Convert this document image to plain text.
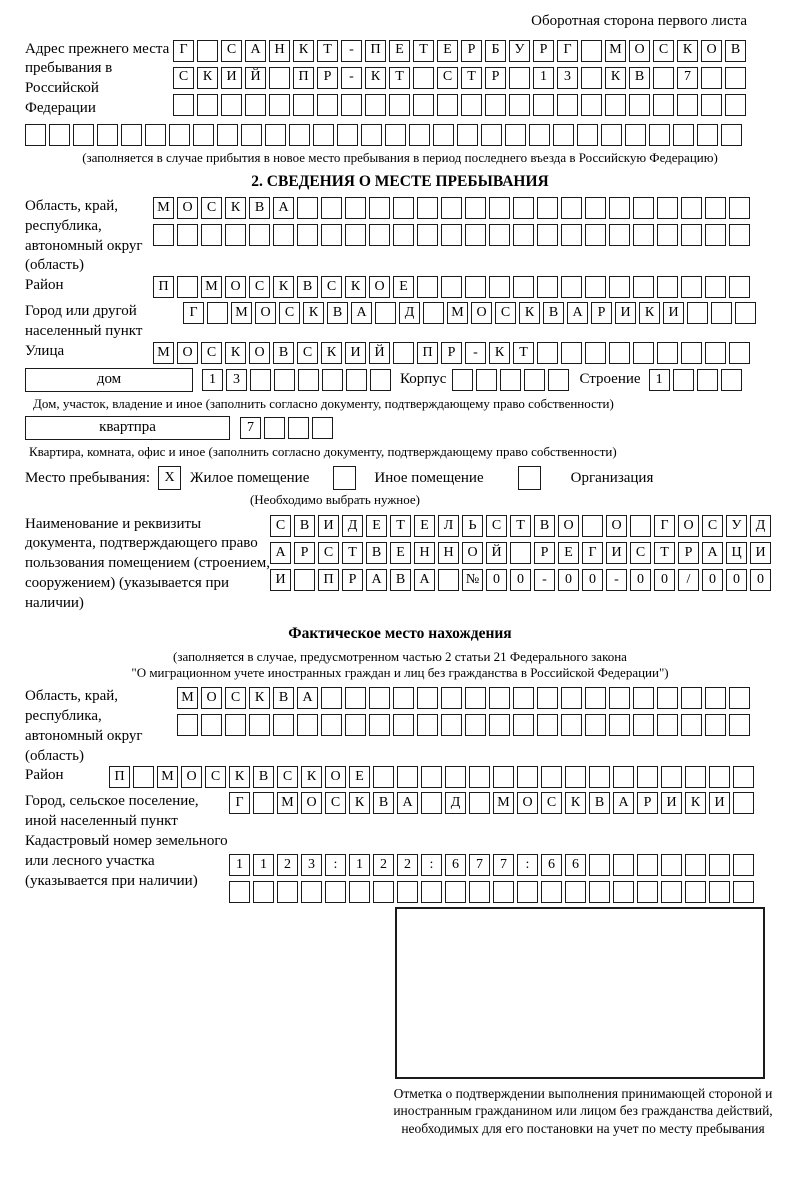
Оборотная сторона первого листа
Адрес прежнего места пребывания в Российской Федерации
Г	С	А Н	К	Т	-	П	Е	Т	Е	Р	Б	У	Р	Г	М О	С	К	О	В
С	К	И Й	П	Р	-	К	Т	С	Т	Р	1	3	К	В	7
(заполняется в случае прибытия в новое место пребывания в период последнего въезда в Российскую Федерацию)
2. СВЕДЕНИЯ О МЕСТЕ ПРЕБЫВАНИЯ
Область, край, республика, автономный округ (область)
М О	С	К	В	А
Район	П	М О	С	К	В	С	К	О	Е
Город или другой населенный пункт
Г	М О	С	К	В	А	Д	М О	С	К	В	А	Р	И	К	И
Улица	М О	С	К	О	В	С	К	И Й	П	Р	-	К	Т
дом	1	3	Корпус	Строение	1
Дом, участок, владение и иное (заполнить согласно документу, подтверждающему право собственности)
квартпра	7
Квартира, комната, офис и иное (заполнить согласно документу, подтверждающему право собственности)
Место пребывания:	X	Жилое помещение	Иное помещение	Организация
(Необходимо выбрать нужное)
Наименование и реквизиты документа, подтверждающего право пользования помещением (строением, сооружением) (указывается при наличии)
С	В	И	Д	Е	Т	Е	Л	Ь	С	Т	В	О	О	Г	О	С	У	Д
А	Р	С	Т	В	Е	Н Н О Й	Р	Е	Г	И	С	Т	Р	А Ц И
И	П	Р	А	В	А	№ 0	0	-	0	0	-	0	0	/	0	0	0
Фактическое место нахождения
(заполняется в случае, предусмотренном частью 2 статьи 21 Федерального закона
"О миграционном учете иностранных граждан и лиц без гражданства в Российской Федерации")
Область, край, республика, автономный округ (область)
М О	С	К	В	А
Район	П	М О	С	К	В	С	К	О	Е
Город, сельское поселение, иной населенный пункт
Г	М О	С	К	В	А	Д	М О	С	К	В	А	Р	И	К	И
Кадастровый номер земельного или лесного участка (указывается при наличии)
1	1	2	3	:	1	2	2	:	6	7	7	:	6	6
Отметка о подтверждении выполнения принимающей стороной и иностранным гражданином или лицом без гражданства действий, необходимых для его постановки на учет по месту пребывания
